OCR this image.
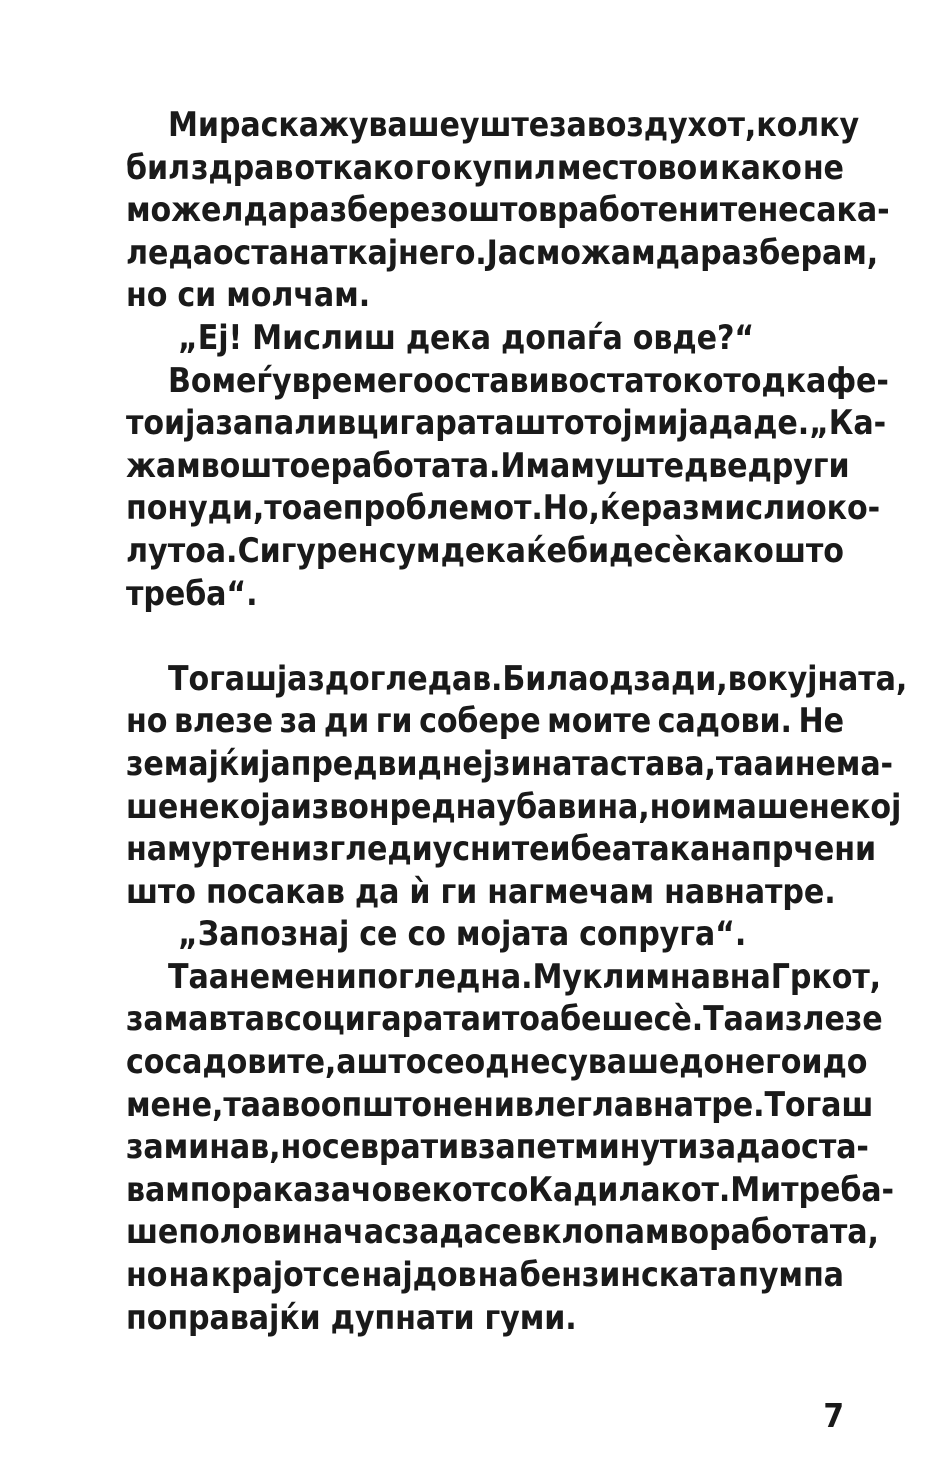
Ми раскажуваше уште за воздухот, колку
бил здрав откако го купил местово и како не
можел да разбере зошто вработените не сака-
ле да останат кај него. Јас можам да разберам,
но си молчам.

„Еј! Мислиш дека допаѓа овде?“

Во меѓувреме го оставив остатокот од кафе-
то и ја запалив цигарата што тој ми ја даде. „Ка-
жам во што е работата. Имам уште две други
понуди, тоа е проблемот. Но, ќе размисли око-
лу тоа. Сигурен сум дека ќе биде сѐ како што
треба“.

Тогаш ја здогледав. Била одзади, во кујната,
но влезе за ди ги собере моите садови. Не
земајќи ја предвид нејзината става, таа и нема-
ше некоја извонредна убавина, но имаше некој
намуртен изглед и усните и беа така напрчени
што посакав да ѝ ги нагмечам навнатре.

„Запознај се со мојата сопруга“.

Таа не ме ни погледна. Му климнав на Гркот,
замавтав со цигарата и тоа беше сѐ. Таа излезе
со садовите, а што се однесуваше до него и до
мене, таа воопшто не ни влегла внатре. Тогаш
заминав, но се вратив за пет минути за да оста-
вам порака за човекот со Кадилакот. Ми треба-
ше половина час за да се вклопам во работата,
но на крајот се најдов на бензинската пумпа
поправајќи дупнати гуми.

7
